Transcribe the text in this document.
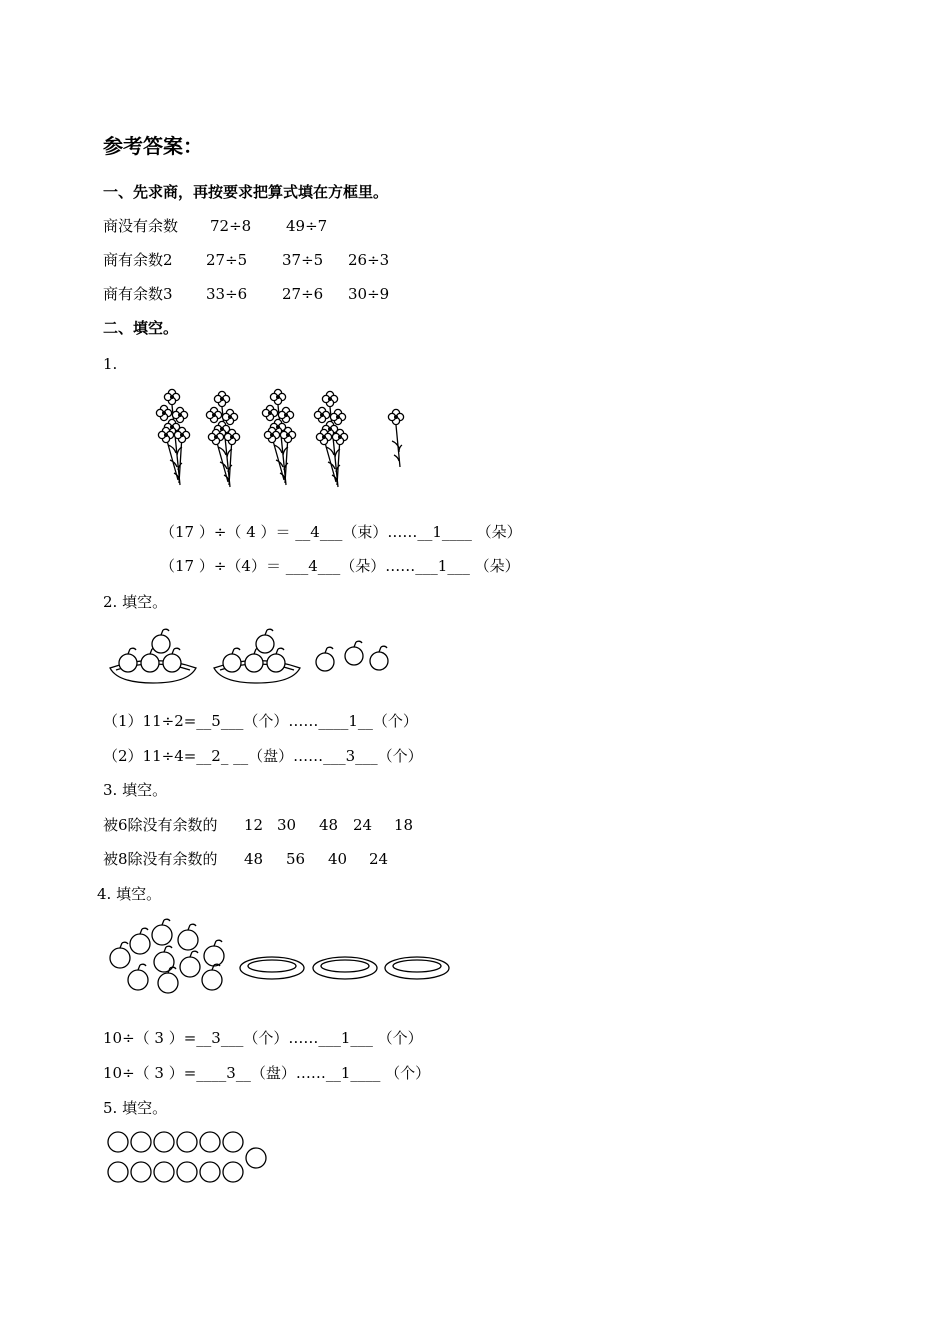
参考答案：
一、先求商，再按要求把算式填在方框里。
商没有余数 72÷8 49÷7
商有余数2 27÷5 37÷5 26÷3
商有余数3 33÷6 27÷6 30÷9
二、填空。
1.
（17 ）÷（ 4 ）＝ __4___（束）……__1____ （朵）
（17 ）÷（4）＝ ___4___（朵）……___1___ （朵）
2. 填空。
（1）11÷2=__5___（个）……____1__（个）
（2）11÷4=__2_ __（盘）……___3___（个）
3. 填空。
被6除没有余数的 12 30 48 24 18
被8除没有余数的 48 56 40 24
4. 填空。
10÷（ 3 ）=__3___（个）……___1___ （个）
10÷（ 3 ）=____3__（盘）……__1____ （个）
5. 填空。
